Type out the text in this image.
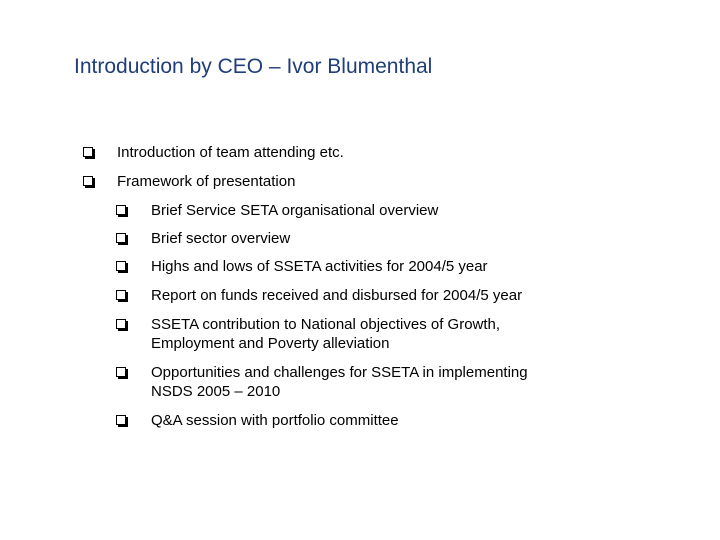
Introduction by CEO – Ivor Blumenthal
Introduction of team attending etc.
Framework of presentation
Brief Service SETA organisational overview
Brief sector overview
Highs and lows of SSETA activities for 2004/5 year
Report on funds received and disbursed for 2004/5 year
SSETA contribution to National objectives of Growth,
Employment and Poverty alleviation
Opportunities and challenges for SSETA in implementing
NSDS 2005 – 2010
Q&A session with portfolio committee
